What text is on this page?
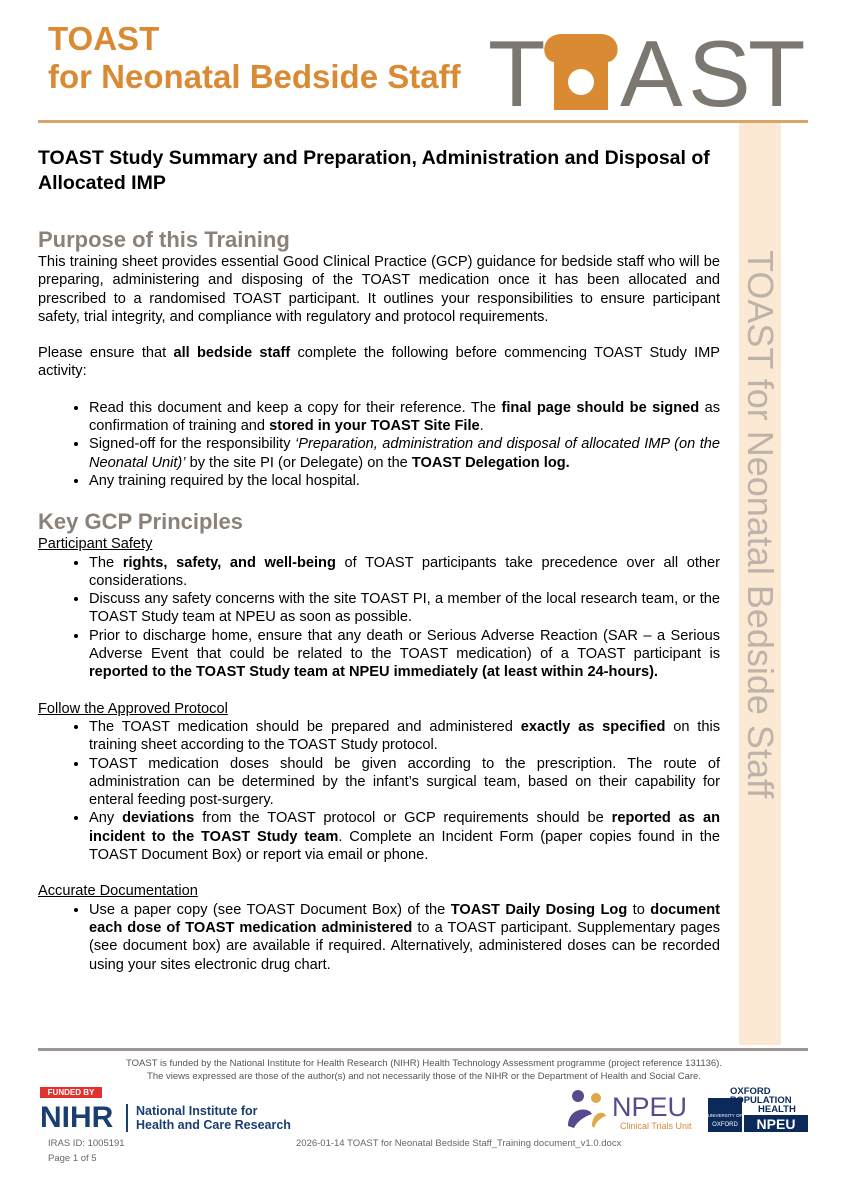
TOAST
for Neonatal Bedside Staff T A S
T
TOAST for Neonatal Bedside Staff
TOAST Study Summary and Preparation, Administration and Disposal of Allocated IMP
Purpose of this Training

This training sheet provides essential Good Clinical Practice (GCP) guidance for bedside staff who will be preparing, administering and disposing of the TOAST medication once it has been allocated and prescribed to a randomised TOAST participant. It outlines your responsibilities to ensure participant safety, trial integrity, and compliance with regulatory and protocol requirements.

Please ensure that all bedside staff complete the following before commencing TOAST Study IMP activity:

• Read this document and keep a copy for their reference. The final page should be signed as confirmation of training and stored in your TOAST Site File.
• Signed-off for the responsibility ‘Preparation, administration and disposal of allocated IMP (on the Neonatal Unit)’ by the site PI (or Delegate) on the TOAST Delegation log.
• Any training required by the local hospital.
Key GCP Principles
Participant Safety
• The rights, safety, and well-being of TOAST participants take precedence over all other considerations.
• Discuss any safety concerns with the site TOAST PI, a member of the local research team, or the TOAST Study team at NPEU as soon as possible.
• Prior to discharge home, ensure that any death or Serious Adverse Reaction (SAR – a Serious Adverse Event that could be related to the TOAST medication) of a TOAST participant is reported to the TOAST Study team at NPEU immediately (at least within 24-hours).
Follow the Approved Protocol
• The TOAST medication should be prepared and administered exactly as specified on this training sheet according to the TOAST Study protocol.
• TOAST medication doses should be given according to the prescription. The route of administration can be determined by the infant’s surgical team, based on their capability for enteral feeding post-surgery.
• Any deviations from the TOAST protocol or GCP requirements should be reported as an incident to the TOAST Study team. Complete an Incident Form (paper copies found in the TOAST Document Box) or report via email or phone.
Accurate Documentation
• Use a paper copy (see TOAST Document Box) of the TOAST Daily Dosing Log to document each dose of TOAST medication administered to a TOAST participant. Supplementary pages (see document box) are available if required. Alternatively, administered doses can be recorded using your sites electronic drug chart.
TOAST is funded by the National Institute for Health Research (NIHR) Health Technology Assessment programme (project reference 131136).
The views expressed are those of the author(s) and not necessarily those of the NIHR or the Department of Health and Social Care.
FUNDED BY
NIHR National Institute for
Health and Care Research
NPEU
Clinical Trials Unit
UNIVERSITY OF
OXFORD
OXFORD
POPULATION
HEALTH
NPEU
IRAS ID: 1005191
Page 1 of 5
2026-01-14 TOAST for Neonatal Bedside Staff_Training document_v1.0.docx
